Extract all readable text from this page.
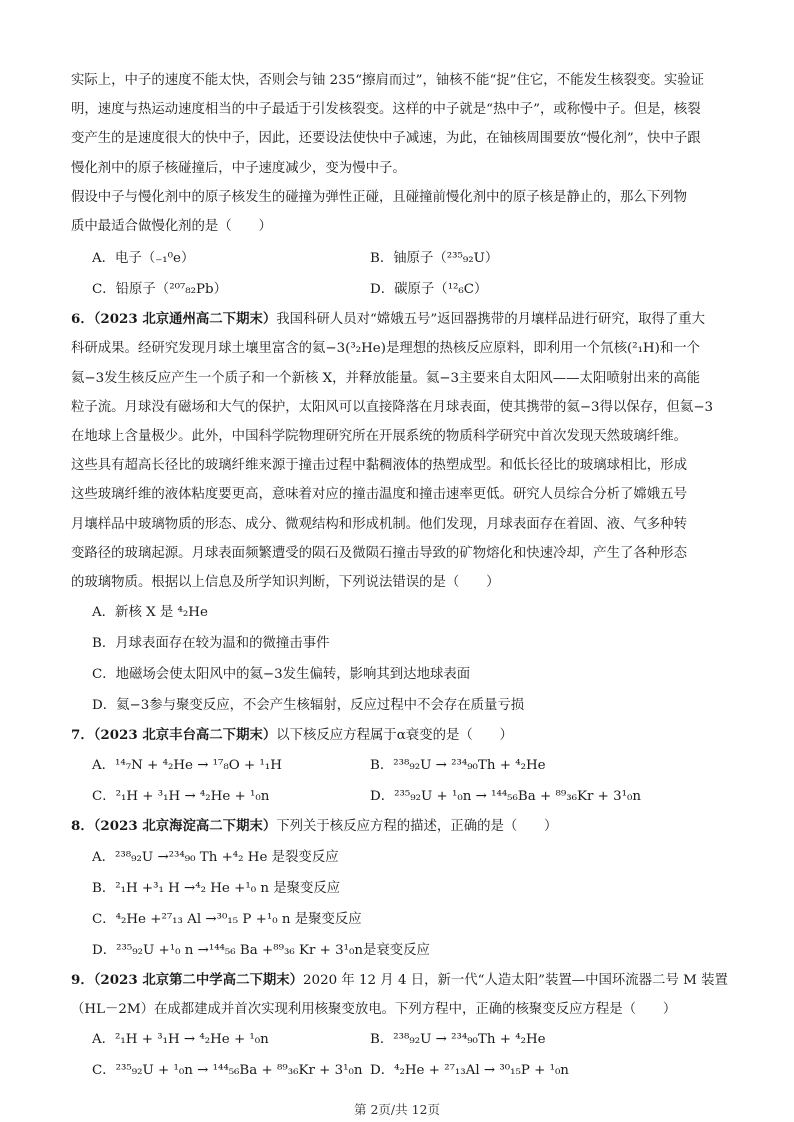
实际上，中子的速度不能太快，否则会与铀 235“擦肩而过”，铀核不能“捉”住它，不能发生核裂变。实验证

明，速度与热运动速度相当的中子最适于引发核裂变。这样的中子就是“热中子”，或称慢中子。但是，核裂

变产生的是速度很大的快中子，因此，还要设法使快中子减速，为此，在铀核周围要放“慢化剂”，快中子跟

慢化剂中的原子核碰撞后，中子速度减少，变为慢中子。

假设中子与慢化剂中的原子核发生的碰撞为弹性正碰，且碰撞前慢化剂中的原子核是静止的，那么下列物

质中最适合做慢化剂的是（　　）

A．电子（₋₁⁰e）	B．铀原子（²³⁵₉₂U）
C．铅原子（²⁰⁷₈₂Pb）	D．碳原子（¹²₆C）

6．（2023 北京通州高二下期末）我国科研人员对“嫦娥五号”返回器携带的月壤样品进行研究，取得了重大

科研成果。经研究发现月球土壤里富含的氦−3(³₂He)是理想的热核反应原料，即利用一个氘核(²₁H)和一个

氦−3发生核反应产生一个质子和一个新核 X，并释放能量。氦−3主要来自太阳风——太阳喷射出来的高能

粒子流。月球没有磁场和大气的保护，太阳风可以直接降落在月球表面，使其携带的氦−3得以保存，但氦−3

在地球上含量极少。此外，中国科学院物理研究所在开展系统的物质科学研究中首次发现天然玻璃纤维。

这些具有超高长径比的玻璃纤维来源于撞击过程中黏稠液体的热塑成型。和低长径比的玻璃球相比，形成

这些玻璃纤维的液体粘度要更高，意味着对应的撞击温度和撞击速率更低。研究人员综合分析了嫦娥五号

月壤样品中玻璃物质的形态、成分、微观结构和形成机制。他们发现，月球表面存在着固、液、气多种转

变路径的玻璃起源。月球表面频繁遭受的陨石及微陨石撞击导致的矿物熔化和快速冷却，产生了各种形态

的玻璃物质。根据以上信息及所学知识判断，下列说法错误的是（　　）

A．新核 X 是 ⁴₂He
B．月球表面存在较为温和的微撞击事件
C．地磁场会使太阳风中的氦−3发生偏转，影响其到达地球表面
D．氦−3参与聚变反应，不会产生核辐射，反应过程中不会存在质量亏损

7．（2023 北京丰台高二下期末）以下核反应方程属于α衰变的是（　　）

A．¹⁴₇N + ⁴₂He → ¹⁷₈O + ¹₁H	B．²³⁸₉₂U → ²³⁴₉₀Th + ⁴₂He
C．²₁H + ³₁H → ⁴₂He + ¹₀n	D．²³⁵₉₂U + ¹₀n → ¹⁴⁴₅₆Ba + ⁸⁹₃₆Kr + 3¹₀n

8．（2023 北京海淀高二下期末）下列关于核反应方程的描述，正确的是（　　）

A．²³⁸₉₂U →²³⁴₉₀ Th +⁴₂ He 是裂变反应
B．²₁H +³₁ H →⁴₂ He +¹₀ n 是聚变反应
C．⁴₂He +²⁷₁₃ Al →³⁰₁₅ P +¹₀ n 是聚变反应
D．²³⁵₉₂U +¹₀ n →¹⁴⁴₅₆ Ba +⁸⁹₃₆ Kr + 3¹₀n是衰变反应

9．（2023 北京第二中学高二下期末）2020 年 12 月 4 日，新一代“人造太阳”装置—中国环流器二号 M 装置

（HL－2M）在成都建成并首次实现利用核聚变放电。下列方程中，正确的核聚变反应方程是（　　）

A．²₁H + ³₁H → ⁴₂He + ¹₀n	B．²³⁸₉₂U → ²³⁴₉₀Th + ⁴₂He
C．²³⁵₉₂U + ¹₀n → ¹⁴⁴₅₆Ba + ⁸⁹₃₆Kr + 3¹₀n D．⁴₂He + ²⁷₁₃Al → ³⁰₁₅P + ¹₀n
第 2页/共 12页
